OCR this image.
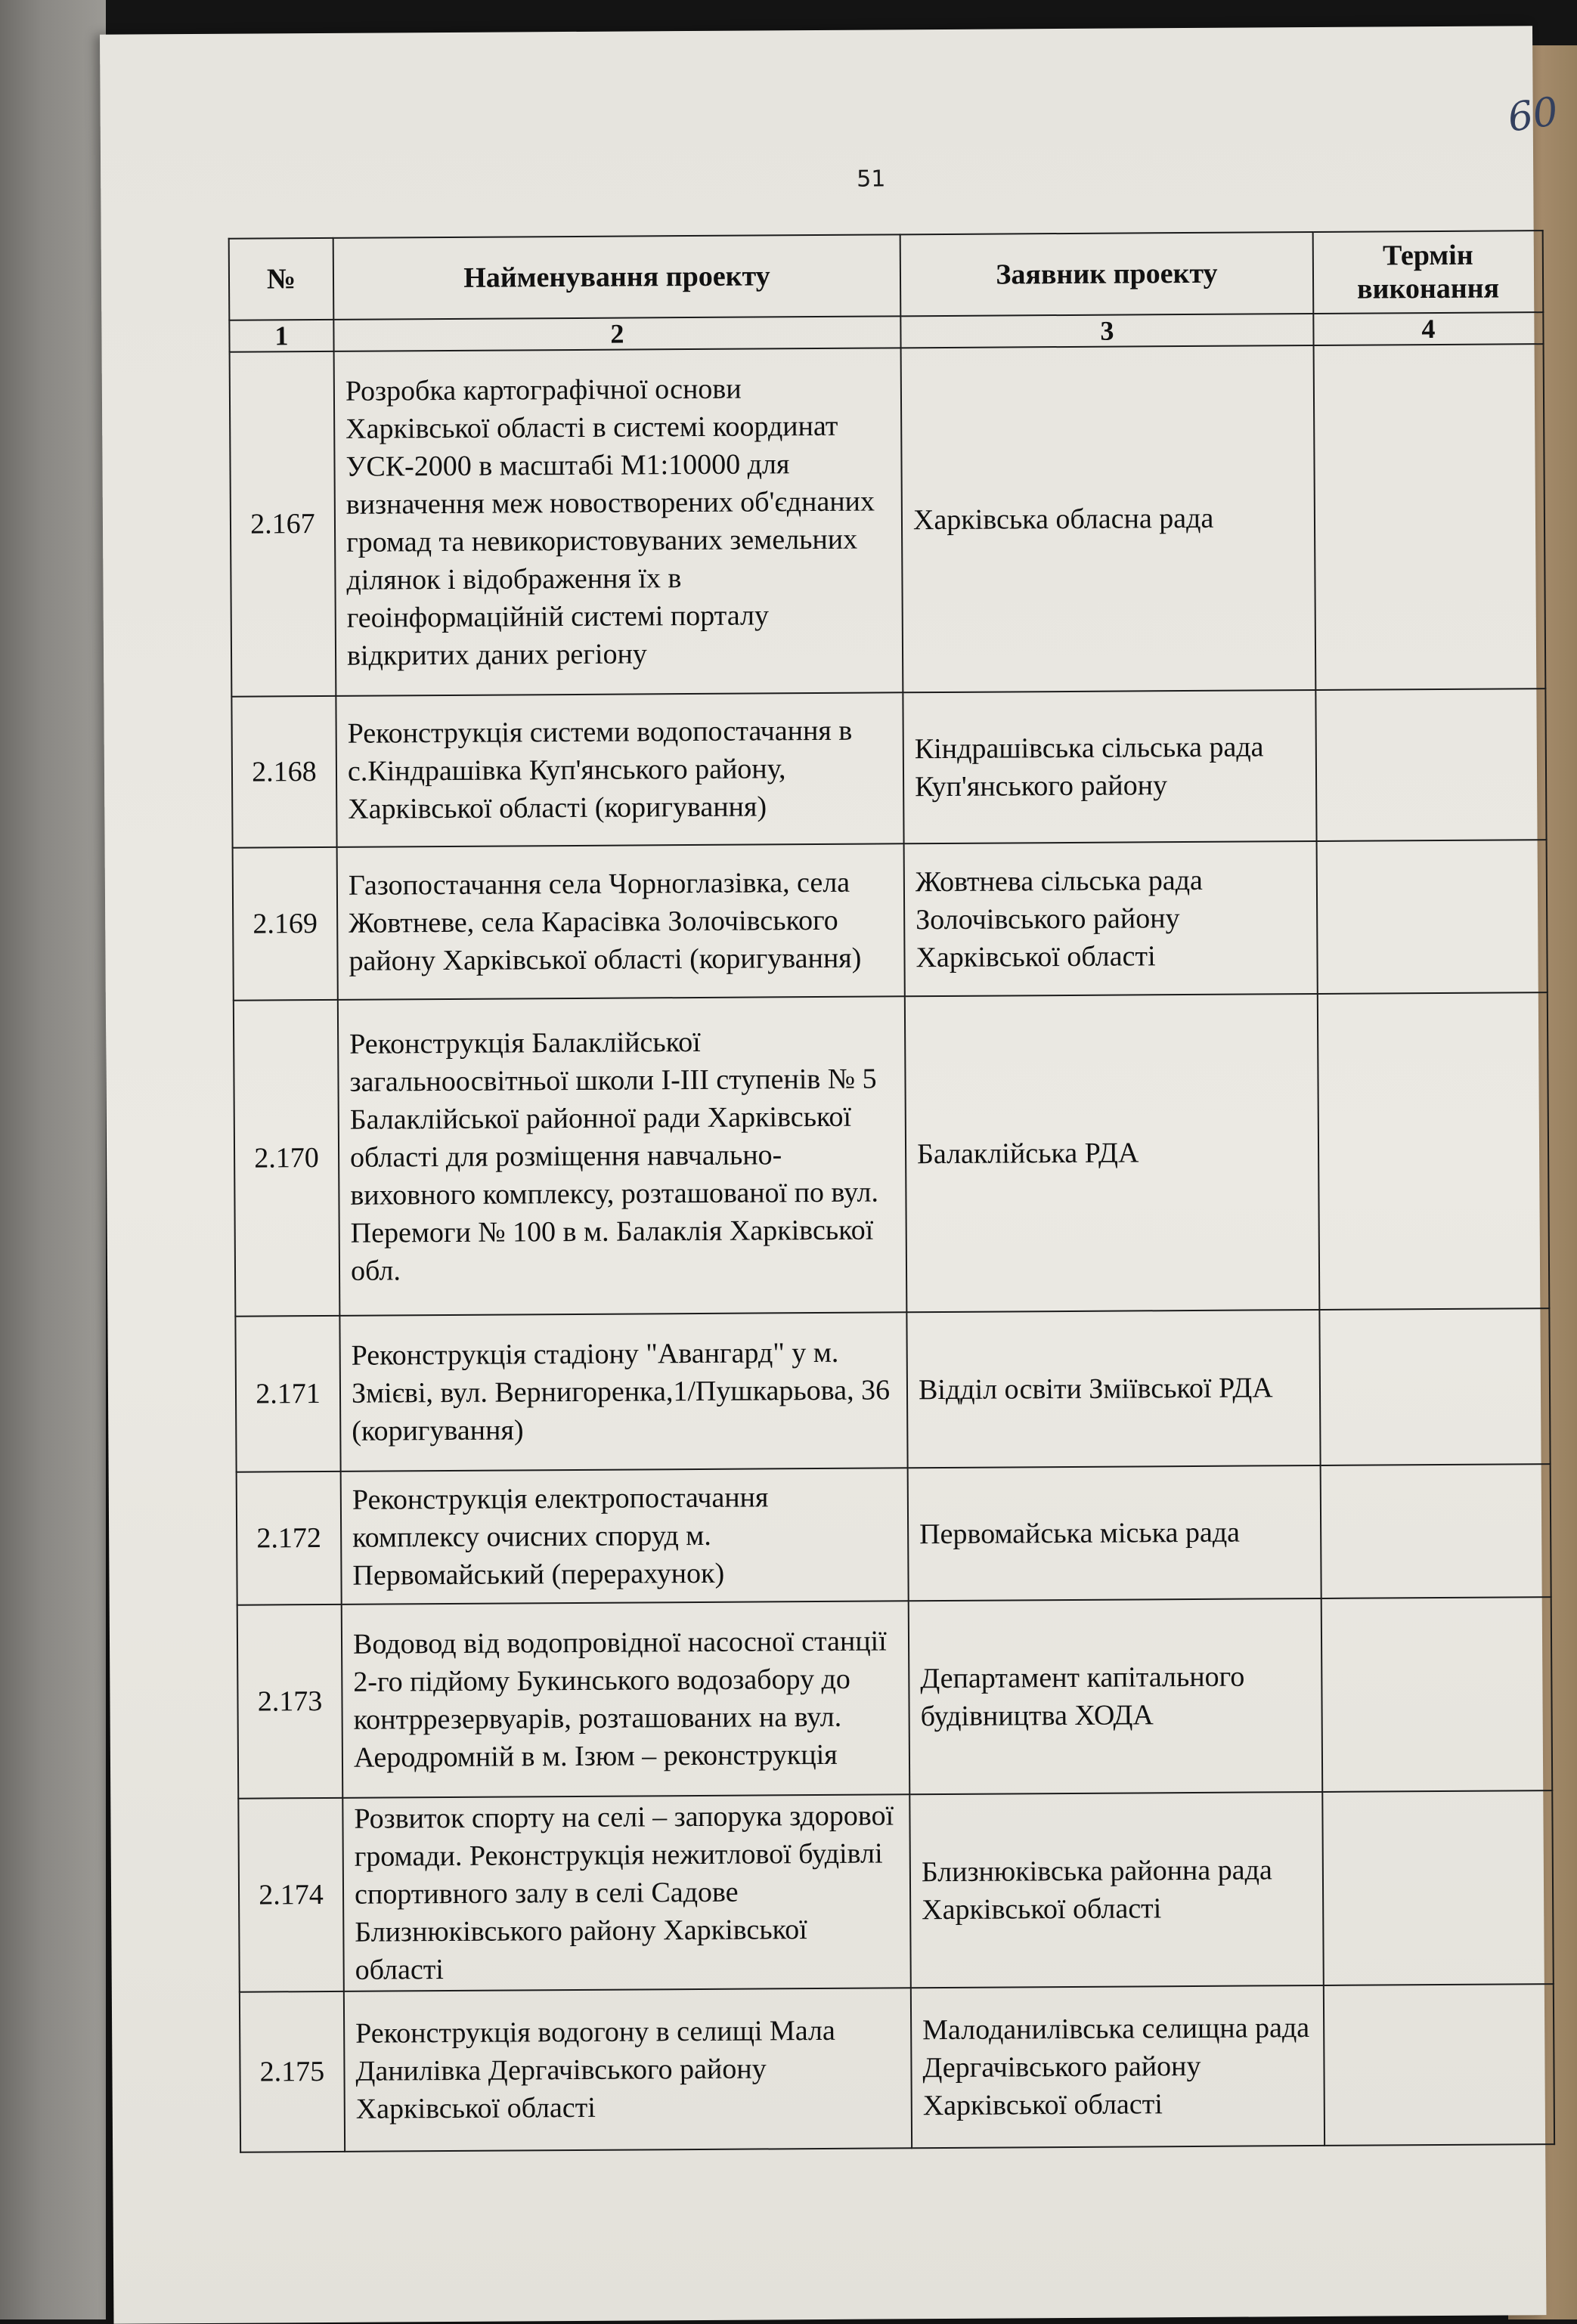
51
60
№	Найменування проекту	Заявник проекту	Термін виконання
1	2	3	4
2.167	Розробка картографічної основи Харківської області в системі координат УСК-2000 в масштабі М1:10000 для визначення меж новостворених об'єднаних громад та невикористовуваних земельних ділянок і відображення їх в геоінформаційній системі порталу відкритих даних регіону	Харківська обласна рада	
2.168	Реконструкція системи водопостачання в с.Кіндрашівка Куп'янського району, Харківської області (коригування)	Кіндрашівська сільська рада Куп'янського району	
2.169	Газопостачання села Чорноглазівка, села Жовтневе, села Карасівка Золочівського району Харківської області (коригування)	Жовтнева сільська рада Золочівського району Харківської області	
2.170	Реконструкція Балаклійської загальноосвітньої школи І-ІІІ ступенів № 5 Балаклійської районної ради Харківської області для розміщення навчально-виховного комплексу, розташованої по вул. Перемоги № 100 в м. Балаклія Харківської обл.	Балаклійська РДА	
2.171	Реконструкція стадіону "Авангард" у м. Змієві, вул. Вернигоренка,1/Пушкарьова, 36 (коригування)	Відділ освіти Зміївської РДА	
2.172	Реконструкція електропостачання комплексу очисних споруд м. Первомайський (перерахунок)	Первомайська міська рада	
2.173	Водовод від водопровідної насосної станції 2-го підйому Букинського водозабору до контррезервуарів, розташованих на вул. Аеродромній в м. Ізюм – реконструкція	Департамент капітального будівництва ХОДА	
2.174	Розвиток спорту на селі – запорука здорової громади. Реконструкція нежитлової будівлі спортивного залу в селі Садове Близнюківського району Харківської області	Близнюківська районна рада Харківської області	
2.175	Реконструкція водогону в селищі Мала Данилівка Дергачівського району Харківської області	Малоданилівська селищна рада Дергачівського району Харківської області	
